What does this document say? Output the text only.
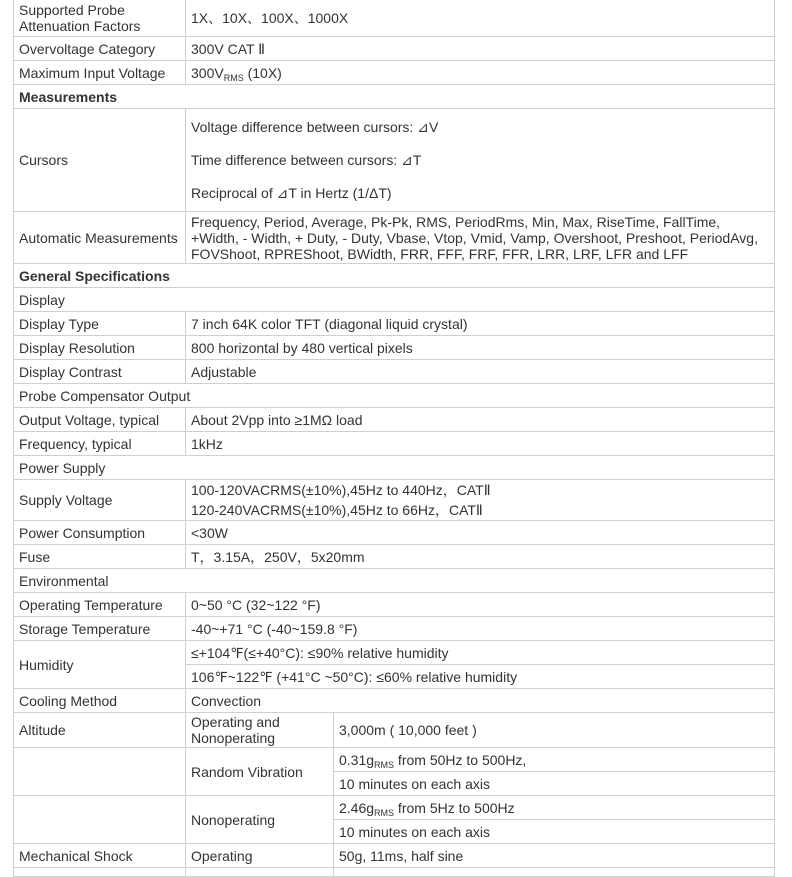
Supported Probe
Attenuation Factors	1X、10X、100X、1000X	
Overvoltage Category	300V CAT Ⅱ	
Maximum Input Voltage	$300V_{RMS}$ (10X)	
Measurements		
Cursors	Voltage difference between cursors: ⊿V
Time difference between cursors: ⊿T
Reciprocal of ⊿T in Hertz (1/ΔT)	

Automatic Measurements	Frequency, Period, Average, Pk-Pk, RMS, PeriodRms, Min, Max, RiseTime, FallTime, +Width, - Width, + Duty, - Duty, Vbase, Vtop, Vmid, Vamp, Overshoot, Preshoot, PeriodAvg, FOVShoot, RPREShoot, BWidth, FRR, FFF, FRF, FFR, LRR, LRF, LFR and LFF	
General Specifications		
Display		
Display Type	7 inch 64K color TFT (diagonal liquid crystal)	
Display Resolution	800 horizontal by 480 vertical pixels	
Display Contrast	Adjustable	
Probe Compensator Output		
Output Voltage, typical	About 2Vpp into ≥1MΩ load	
Frequency, typical	1kHz	
Power Supply		
Supply Voltage	100-120VACRMS(±10%),45Hz to 440Hz，CATⅡ
120-240VACRMS(±10%),45Hz to 66Hz，CATⅡ	

Power Consumption	<30W	
Fuse	T，3.15A，250V，5x20mm	
Environmental		
Operating Temperature	0~50 °C (32~122 °F)	
Storage Temperature	-40~+71 °C (-40~159.8 °F)	
Humidity	≤+104℉(≤+40°C): ≤90% relative humidity	
	106℉~122℉ (+41°C ~50°C): ≤60% relative humidity	
Cooling Method	Convection	
Altitude	Operating and
Nonoperating	3,000m ( 10,000 feet )
	Random Vibration	$0.31g_{RMS}$ from 50Hz to 500Hz,
		10 minutes on each axis
	Nonoperating	$2.46g_{RMS}$ from 5Hz to 500Hz
		10 minutes on each axis
Mechanical Shock	Operating	50g, 11ms, half sine
